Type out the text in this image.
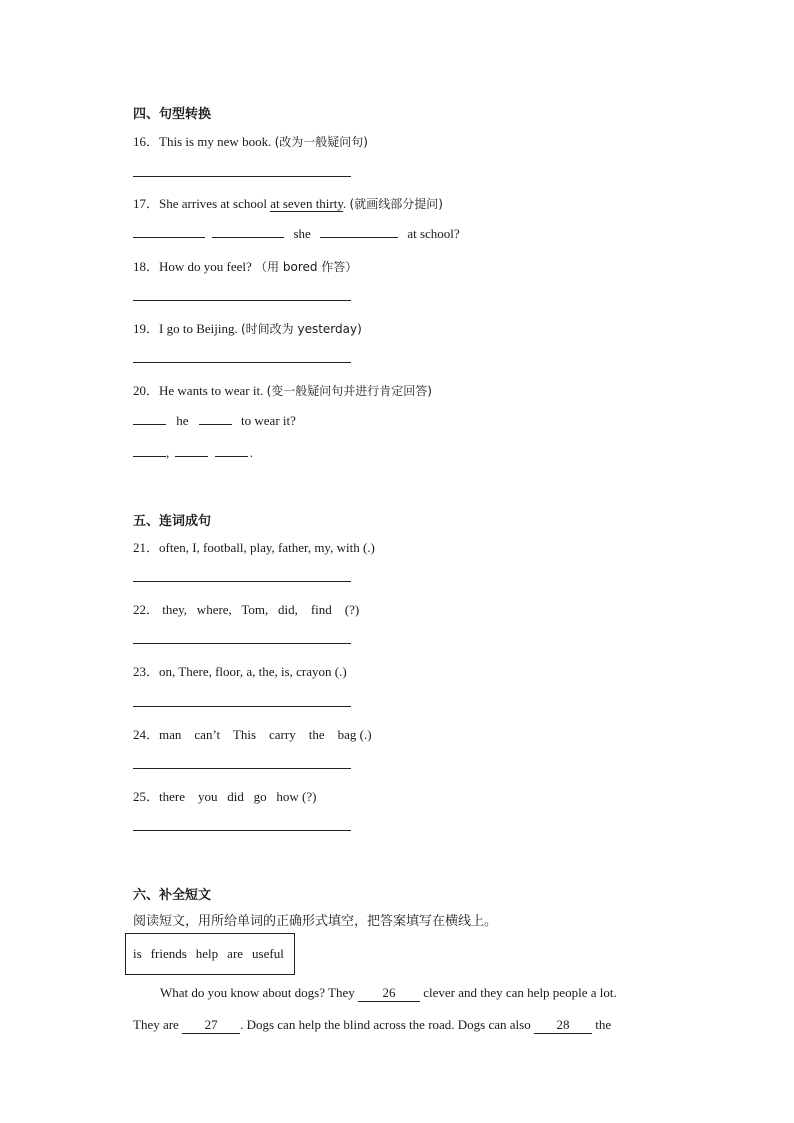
四、句型转换
16．This is my new book. (改为一般疑问句)
17．She arrives at school at seven thirty. (就画线部分提问)
she	at school?
18．How do you feel? （用 bored 作答）
19．I go to Beijing. (时间改为 yesterday)
20．He wants to wear it. (变一般疑问句并进行肯定回答)
he	to wear it?
,	.
五、连词成句
21．often, I, football, play, father, my, with (.)
22． they,   where,   Tom,   did,    find    (?)
23．on, There, floor, a, the, is, crayon (.)
24．man    can’t    This    carry    the    bag (.)
25．there    you   did   go   how (?)
六、补全短文
阅读短文，用所给单词的正确形式填空，把答案填写在横线上。
is friends help are useful
What do you know about dogs? They 26 clever and they can help people a lot.
They are 27 . Dogs can help the blind across the road. Dogs can also 28 the
